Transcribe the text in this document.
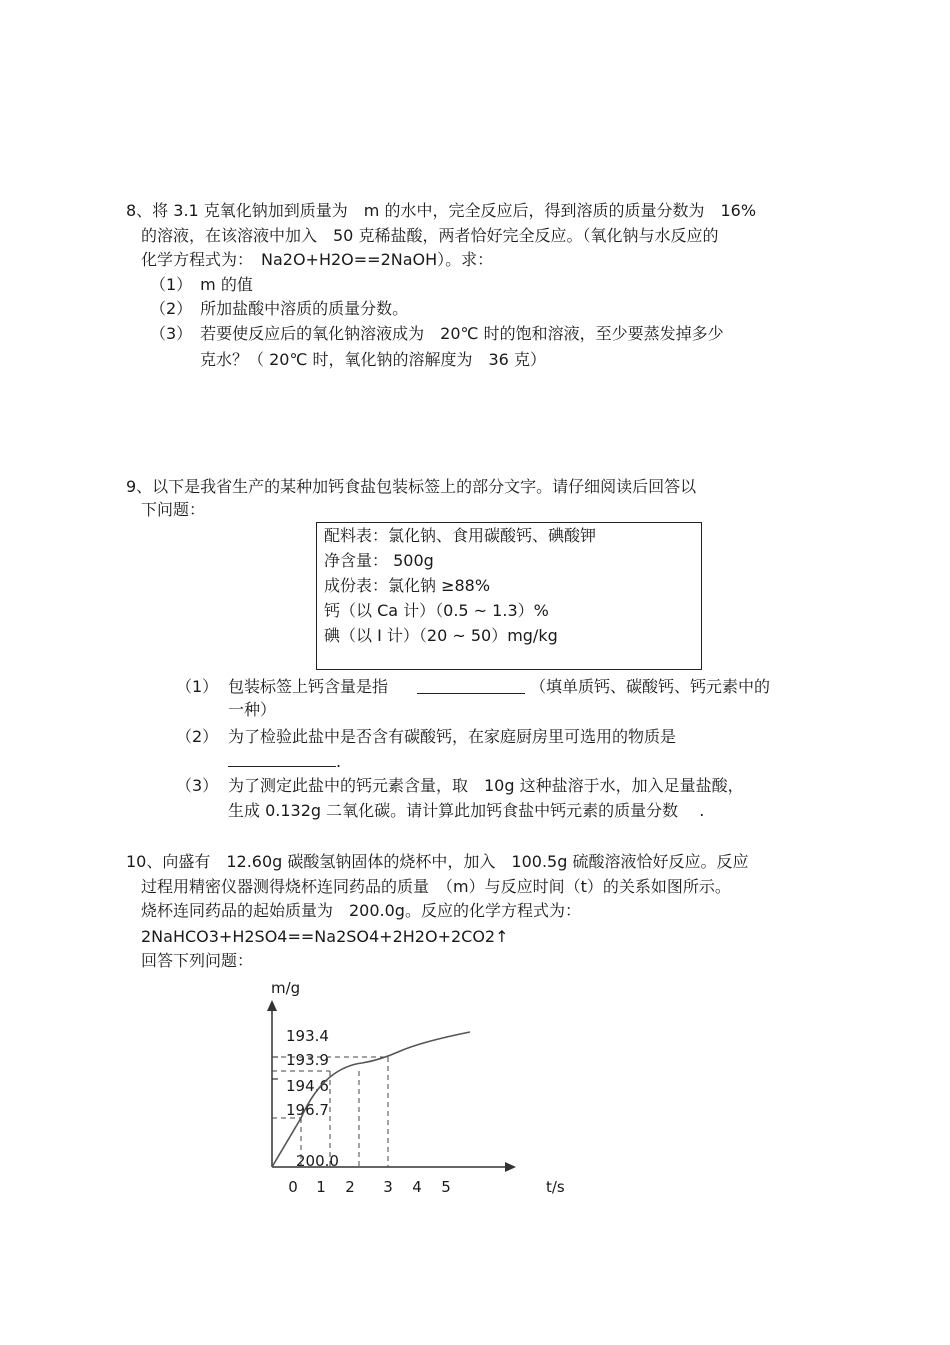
8、将 3.1 克氧化钠加到质量为　m 的水中，完全反应后，得到溶质的质量分数为　16%
的溶液，在该溶液中加入　50 克稀盐酸，两者恰好完全反应。（氧化钠与水反应的
化学方程式为：　Na2O+H2O==2NaOH）。求：
（1）　m 的值
（2）　所加盐酸中溶质的质量分数。
（3）　若要使反应后的氧化钠溶液成为　20℃ 时的饱和溶液，至少要蒸发掉多少
克水？（ 20℃ 时，氧化钠的溶解度为　36 克）
9、以下是我省生产的某种加钙食盐包装标签上的部分文字。请仔细阅读后回答以
下问题：
配料表：氯化钠、食用碳酸钙、碘酸钾
净含量： 500g
成份表：氯化钠 ≥88%
钙（以 Ca 计）（0.5 ~ 1.3）%
碘（以 I 计）（20 ~ 50）mg/kg
（1） 包装标签上钙含量是指	（填单质钙、碳酸钙、钙元素中的
一种）
（2） 为了检验此盐中是否含有碳酸钙，在家庭厨房里可选用的物质是
.
（3） 为了测定此盐中的钙元素含量，取　10g 这种盐溶于水，加入足量盐酸，
生成 0.132g 二氧化碳。请计算此加钙食盐中钙元素的质量分数　 .
10、向盛有　12.60g 碳酸氢钠固体的烧杯中，加入　100.5g 硫酸溶液恰好反应。反应
过程用精密仪器测得烧杯连同药品的质量　（m）与反应时间（t）的关系如图所示。
烧杯连同药品的起始质量为　200.0g。反应的化学方程式为：
2NaHCO3+H2SO4==Na2SO4+2H2O+2CO2↑
回答下列问题：
m/g
t/s
0 1 2 3 4 5
193.4
193.9
194.6
196.7
200.0
